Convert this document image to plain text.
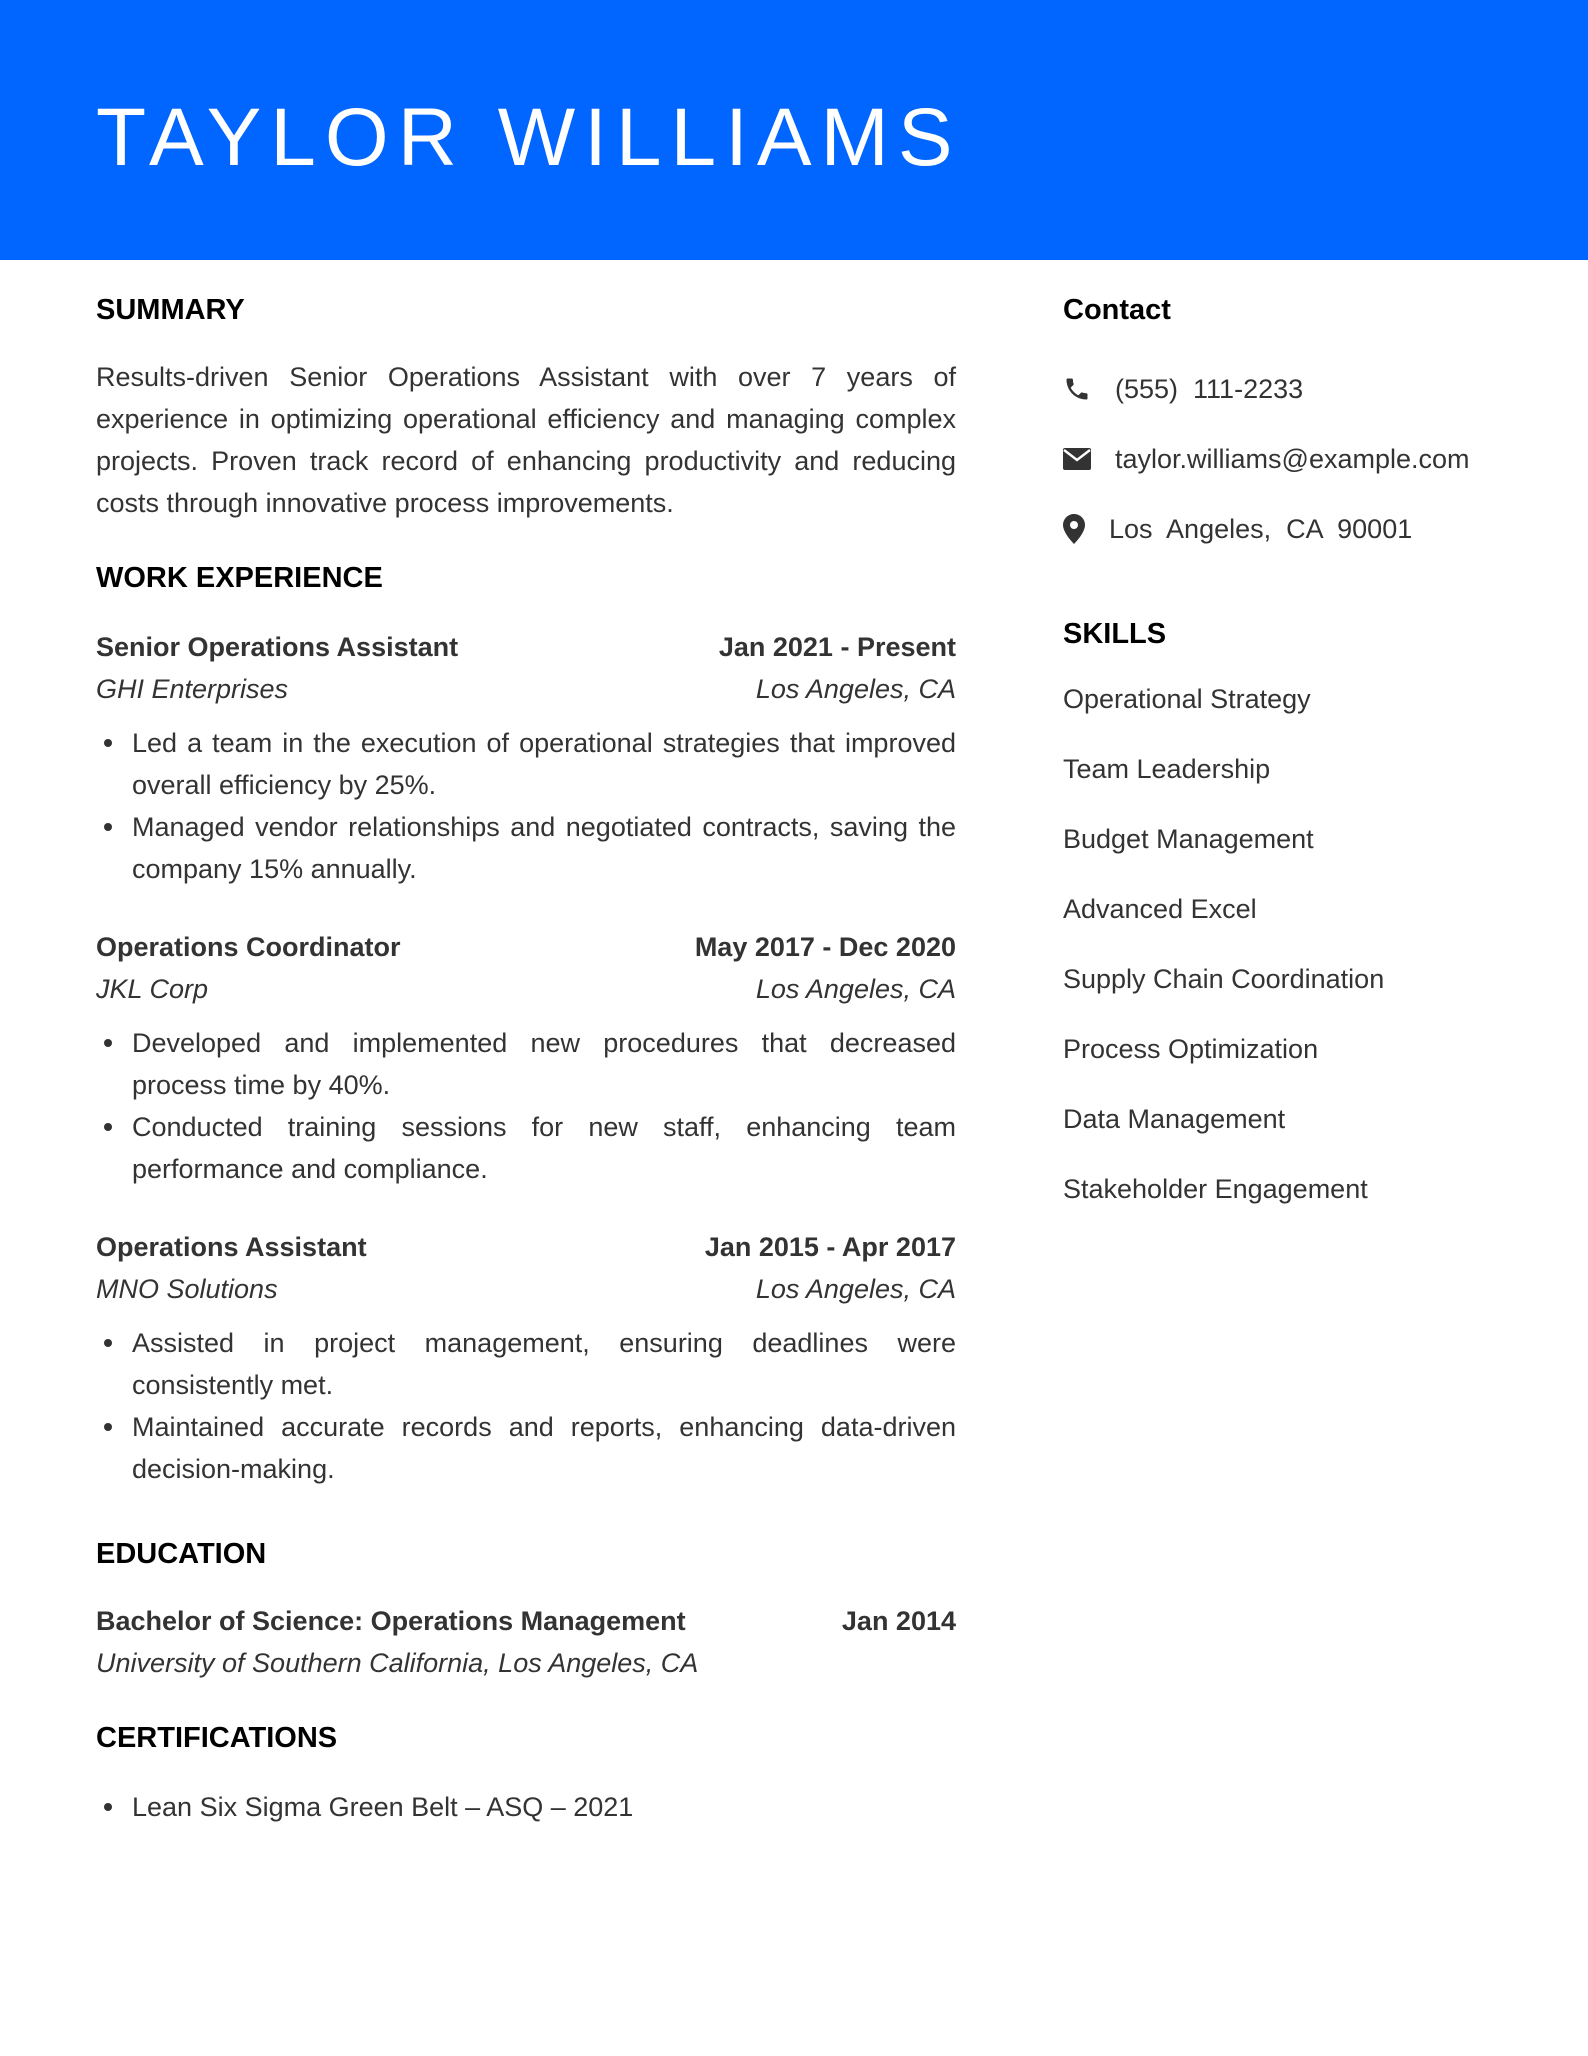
TAYLOR WILLIAMS
SUMMARY

Results-driven Senior Operations Assistant with over 7 years of experience in optimizing operational efficiency and managing complex projects. Proven track record of enhancing productivity and reducing costs through innovative process improvements.

WORK EXPERIENCE
Senior Operations Assistant	Jan 2021 - Present
GHI Enterprises	Los Angeles, CA
Led a team in the execution of operational strategies that improved overall efficiency by 25%.
Managed vendor relationships and negotiated contracts, saving the company 15% annually.
Operations Coordinator	May 2017 - Dec 2020
JKL Corp	Los Angeles, CA
Developed and implemented new procedures that decreased process time by 40%.
Conducted training sessions for new staff, enhancing team performance and compliance.
Operations Assistant	Jan 2015 - Apr 2017
MNO Solutions	Los Angeles, CA
Assisted in project management, ensuring deadlines were consistently met.
Maintained accurate records and reports, enhancing data-driven decision-making.
EDUCATION
Bachelor of Science: Operations Management	Jan 2014
University of Southern California, Los Angeles, CA
CERTIFICATIONS
Lean Six Sigma Green Belt – ASQ – 2021
Contact
(555)  111-2233
taylor.williams@example.com
Los  Angeles,  CA  90001
SKILLS
Operational Strategy
Team Leadership
Budget Management
Advanced Excel
Supply Chain Coordination
Process Optimization
Data Management
Stakeholder Engagement
